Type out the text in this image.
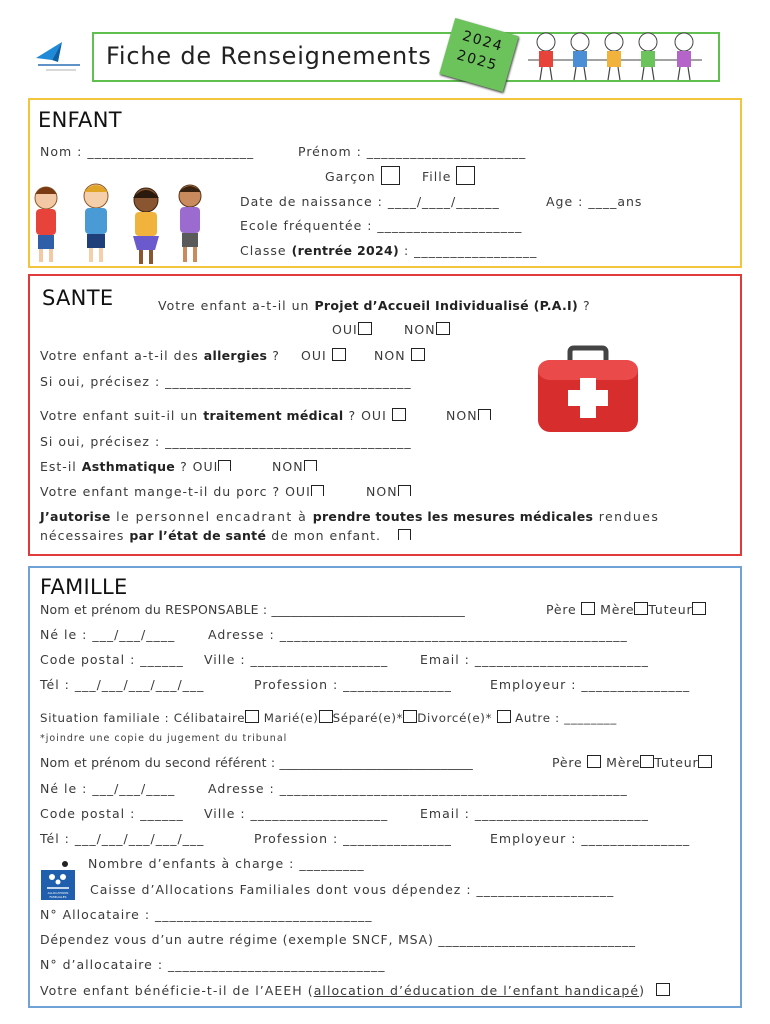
Fiche de Renseignements
2024
2025
ENFANT
Nom : _______________________	Prénom : ______________________
Garçon	Fille
Date de naissance : ____/____/______	Age : ____ans
Ecole fréquentée : ____________________
Classe (rentrée 2024) : _________________
SANTE	Votre enfant a-t-il un Projet d’Accueil Individualisé (P.A.I) ?
OUI	NON
Votre enfant a-t-il des allergies ? OUI	NON
Si oui, précisez : __________________________________
Votre enfant suit-il un traitement médical ? OUI	NON
Si oui, précisez : __________________________________
Est-il Asthmatique ? OUI	NON
Votre enfant mange-t-il du porc ? OUI	NON
J’autorise le personnel encadrant à prendre toutes les mesures médicales rendues
nécessaires par l’état de santé de mon enfant.
FAMILLE
Nom et prénom du RESPONSABLE : ______________________________	Père Mère Tuteur
Né le : ___/___/____	Adresse : ________________________________________________
Code postal : ______ Ville : ___________________	Email : ________________________
Tél : ___/___/___/___/___	Profession : _______________	Employeur : _______________
Situation familiale : Célibataire Marié(e) Séparé(e)* Divorcé(e)* Autre : ________
*joindre une copie du jugement du tribunal
Nom et prénom du second référent : ______________________________	Père Mère Tuteur
Né le : ___/___/____	Adresse : ________________________________________________
Code postal : ______ Ville : ___________________	Email : ________________________
Tél : ___/___/___/___/___	Profession : _______________	Employeur : _______________
Nombre d’enfants à charge : _________
ALLOCATIONS FAMILIALES	Caisse d’Allocations Familiales dont vous dépendez : ___________________
N° Allocataire : ______________________________
Dépendez vous d’un autre régime (exemple SNCF, MSA) ____________________________
N° d’allocataire : ______________________________
Votre enfant bénéficie-t-il de l’AEEH (allocation d’éducation de l’enfant handicapé)
